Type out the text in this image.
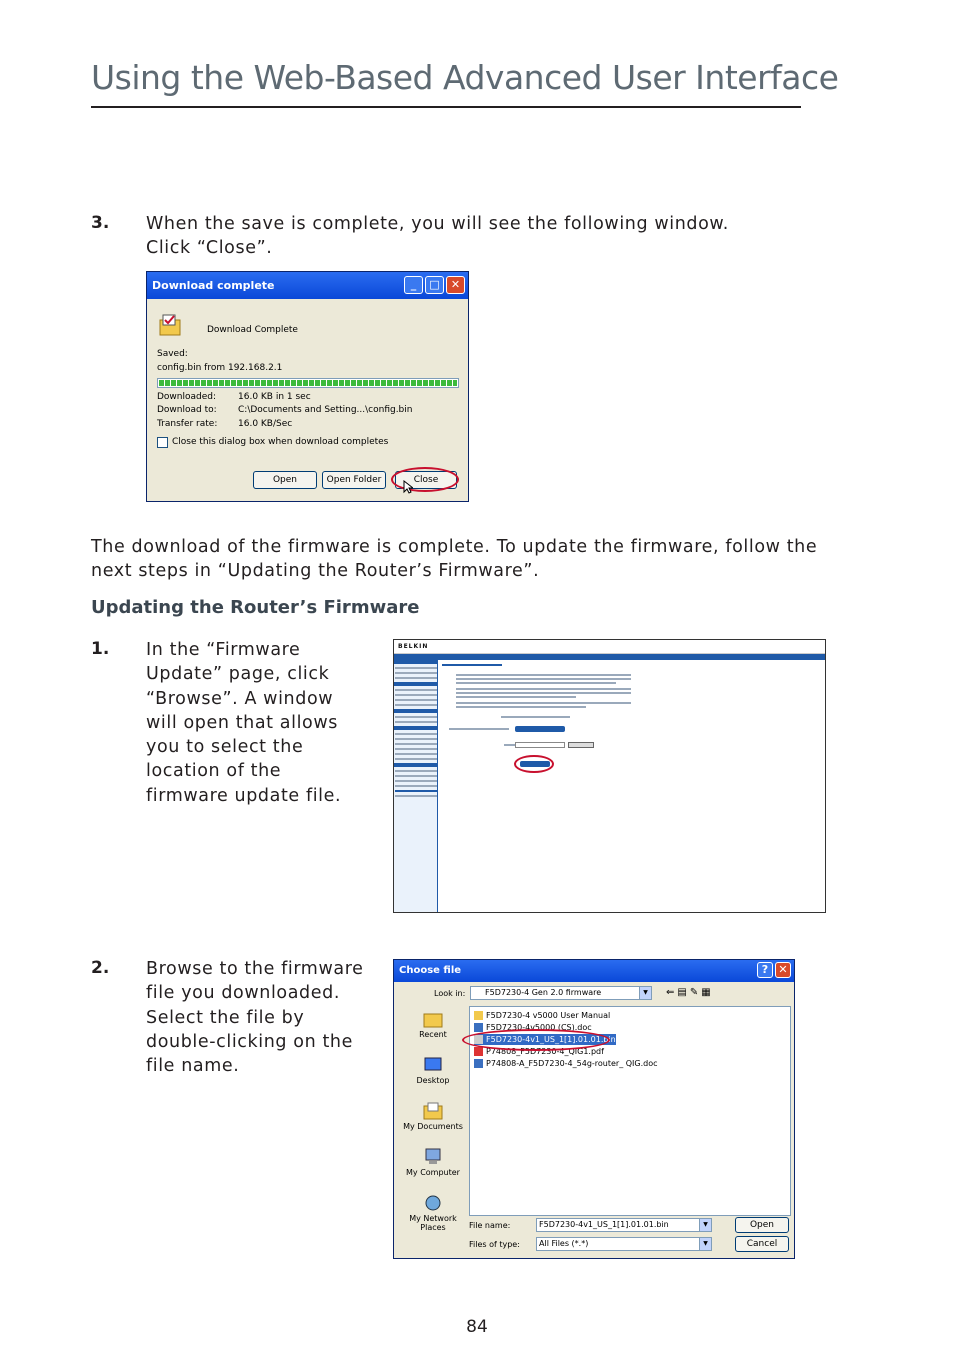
Using the Web-Based Advanced User Interface
3. When the save is complete, you will see the following window.
Click “Close”.
Download complete	_	□	✕
Download Complete
Saved:
config.bin from 192.168.2.1
Downloaded: 16.0 KB in 1 sec
Download to: C:\Documents and Setting...\config.bin
Transfer rate: 16.0 KB/Sec
Close this dialog box when download completes
Open	Open Folder	Close
The download of the firmware is complete. To update the firmware, follow the
next steps in “Updating the Router’s Firmware”.
Updating the Router’s Firmware
1. In the “Firmware
Update” page, click
“Browse”. A window
will open that allows
you to select the
location of the
firmware update file.
BELKIN
2. Browse to the firmware
file you downloaded.
Select the file by
double-clicking on the
file name.
Choose file	? ✕
Look in:	F5D7230-4 Gen 2.0 firmware	▼	⇐▤✎▦
Recent
Desktop
My Documents
My Computer
My Network Places
F5D7230-4 v5000 User Manual
F5D7230-4v5000 (CS).doc
F5D7230-4v1_US_1[1].01.01.bin
P74808_F5D7230-4_QIG1.pdf
P74808-A_F5D7230-4_54g-router_ QIG.doc
File name:	F5D7230-4v1_US_1[1].01.01.bin	▼
Files of type:	All Files (*.*)	▼
Open
Cancel
84
